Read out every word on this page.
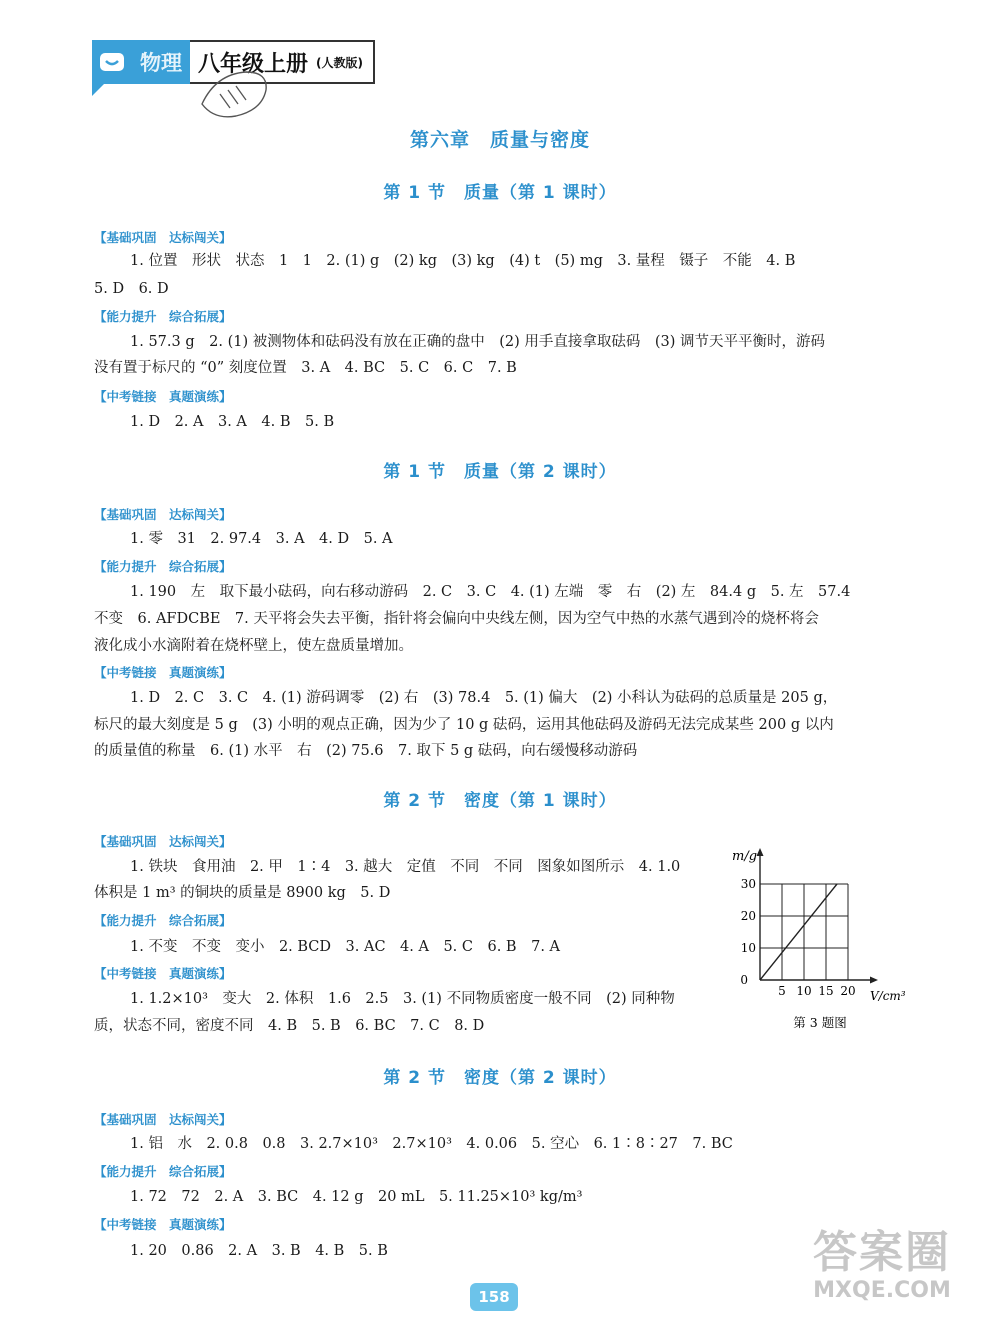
物理 八年级上册 (人教版)
第六章　质量与密度
第 1 节　质量（第 1 课时）
【基础巩固　达标闯关】
1. 位置　形状　状态　1　1　2. (1) g　(2) kg　(3) kg　(4) t　(5) mg　3. 量程　镊子　不能　4. B
5. D　6. D
【能力提升　综合拓展】
1. 57.3 g　2. (1) 被测物体和砝码没有放在正确的盘中　(2) 用手直接拿取砝码　(3) 调节天平平衡时，游码
没有置于标尺的 “0” 刻度位置　3. A　4. BC　5. C　6. C　7. B
【中考链接　真题演练】
1. D　2. A　3. A　4. B　5. B
第 1 节　质量（第 2 课时）
【基础巩固　达标闯关】
1. 零　31　2. 97.4　3. A　4. D　5. A
【能力提升　综合拓展】
1. 190　左　取下最小砝码，向右移动游码　2. C　3. C　4. (1) 左端　零　右　(2) 左　84.4 g　5. 左　57.4
不变　6. AFDCBE　7. 天平将会失去平衡，指针将会偏向中央线左侧，因为空气中热的水蒸气遇到冷的烧杯将会
液化成小水滴附着在烧杯壁上，使左盘质量增加。
【中考链接　真题演练】
1. D　2. C　3. C　4. (1) 游码调零　(2) 右　(3) 78.4　5. (1) 偏大　(2) 小科认为砝码的总质量是 205 g，
标尺的最大刻度是 5 g　(3) 小明的观点正确，因为少了 10 g 砝码，运用其他砝码及游码无法完成某些 200 g 以内
的质量值的称量　6. (1) 水平　右　(2) 75.6　7. 取下 5 g 砝码，向右缓慢移动游码
第 2 节　密度（第 1 课时）
【基础巩固　达标闯关】
1. 铁块　食用油　2. 甲　1∶4　3. 越大　定值　不同　不同　图象如图所示　4. 1.0
体积是 1 m³ 的铜块的质量是 8900 kg　5. D
【能力提升　综合拓展】
1. 不变　不变　变小　2. BCD　3. AC　4. A　5. C　6. B　7. A
【中考链接　真题演练】
1. 1.2×10³　变大　2. 体积　1.6　2.5　3. (1) 不同物质密度一般不同　(2) 同种物
质，状态不同，密度不同　4. B　5. B　6. BC　7. C　8. D
m/g
V/cm³
0
10
20
30
5 10 15 20
第 3 题图
第 2 节　密度（第 2 课时）
【基础巩固　达标闯关】
1. 铝　水　2. 0.8　0.8　3. 2.7×10³　2.7×10³　4. 0.06　5. 空心　6. 1∶8∶27　7. BC
【能力提升　综合拓展】
1. 72　72　2. A　3. BC　4. 12 g　20 mL　5. 11.25×10³ kg/m³
【中考链接　真题演练】
1. 20　0.86　2. A　3. B　4. B　5. B
158
答案圈
MXQE.COM
